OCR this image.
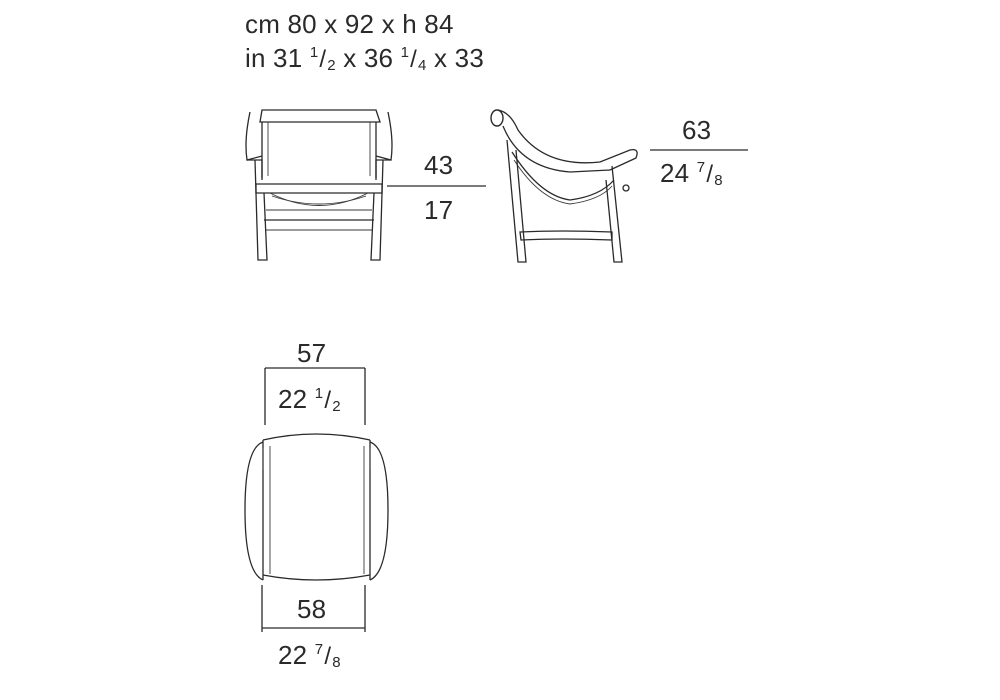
cm 80 x 92 x h 84
in 31 1/2 x 36 1/4 x 33
43
17
63
24 7/8
57
22 1/2
58
22 7/8
